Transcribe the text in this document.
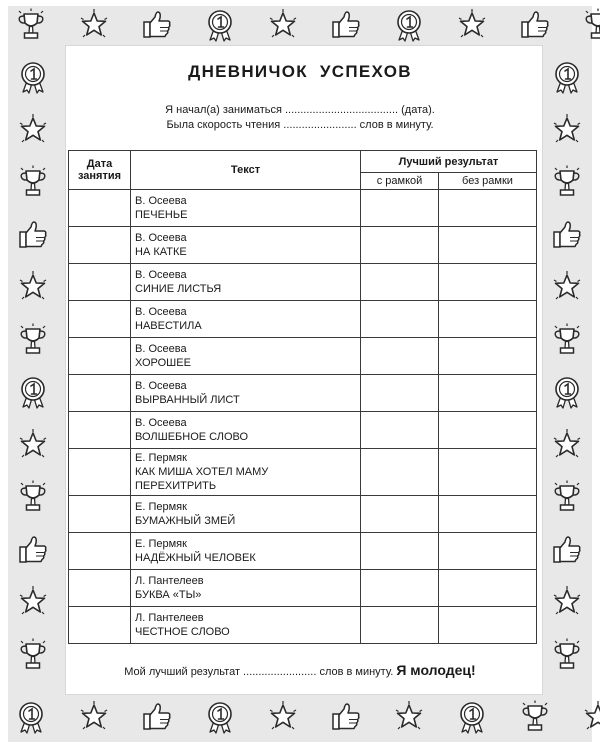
ДНЕВНИЧОК УСПЕХОВ
Я начал(а) заниматься ..................................... (дата).
Была скорость чтения ........................ слов в минуту.
Дата занятия	Текст	Лучший результат	
		с рамкой	без рамки

	В. Осеева
ПЕЧЕНЬЕ		

	В. Осеева
НА КАТКЕ		

	В. Осеева
СИНИЕ ЛИСТЬЯ		

	В. Осеева
НАВЕСТИЛА		

	В. Осеева
ХОРОШЕЕ		

	В. Осеева
ВЫРВАННЫЙ ЛИСТ		

	В. Осеева
ВОЛШЕБНОЕ СЛОВО		

	Е. Пермяк
КАК МИША ХОТЕЛ МАМУ ПЕРЕХИТРИТЬ		

	Е. Пермяк
БУМАЖНЫЙ ЗМЕЙ		

	Е. Пермяк
НАДЁЖНЫЙ ЧЕЛОВЕК		

	Л. Пантелеев
БУКВА «ТЫ»		

	Л. Пантелеев
ЧЕСТНОЕ СЛОВО		

Мой лучший результат ........................ слов в минуту. Я молодец!
